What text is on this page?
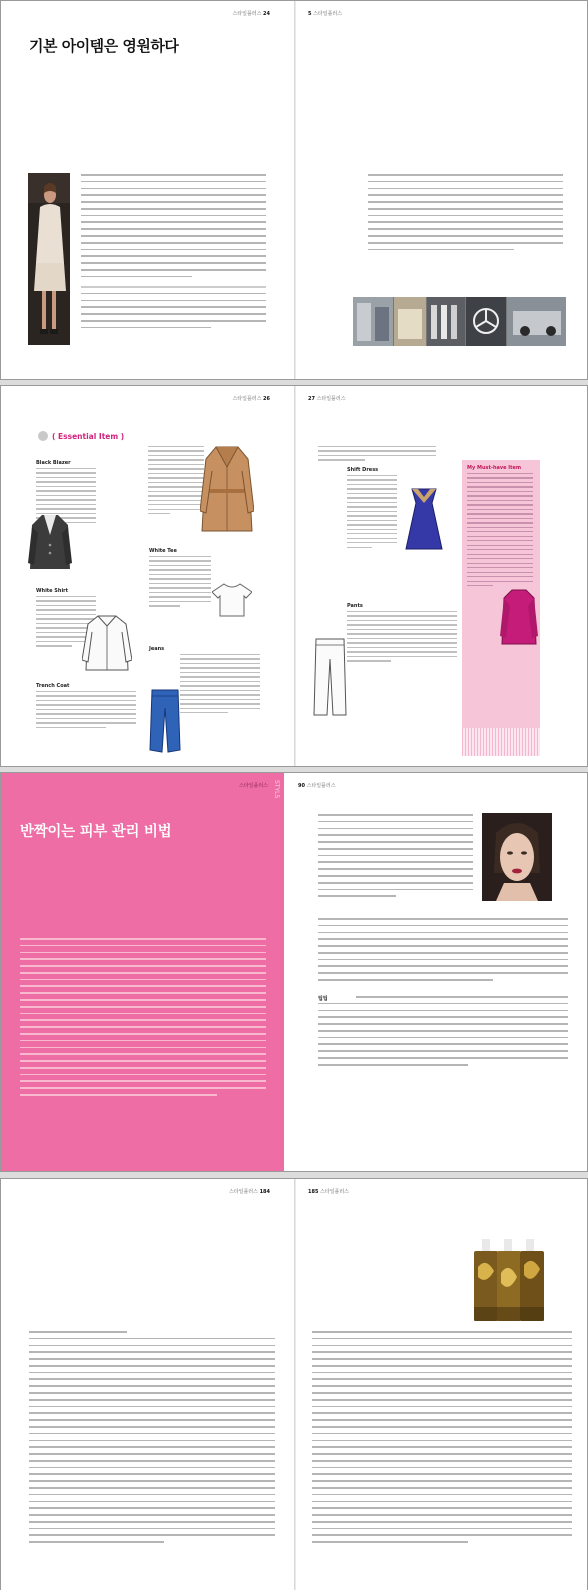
스타일플러스 24
기본 아이템은 영원하다
5 스타일플러스
스타일플러스 26	27 스타일플러스
( Essential Item )
Black Blazer
White Shirt
Trench Coat
White Tee
Jeans
Shift Dress
Pants
My Must-have Item
스타일플러스	90 스타일플러스
STYL5
반짝이는 피부 관리 비법
팁팁
스타일플러스 184	185 스타일플러스
